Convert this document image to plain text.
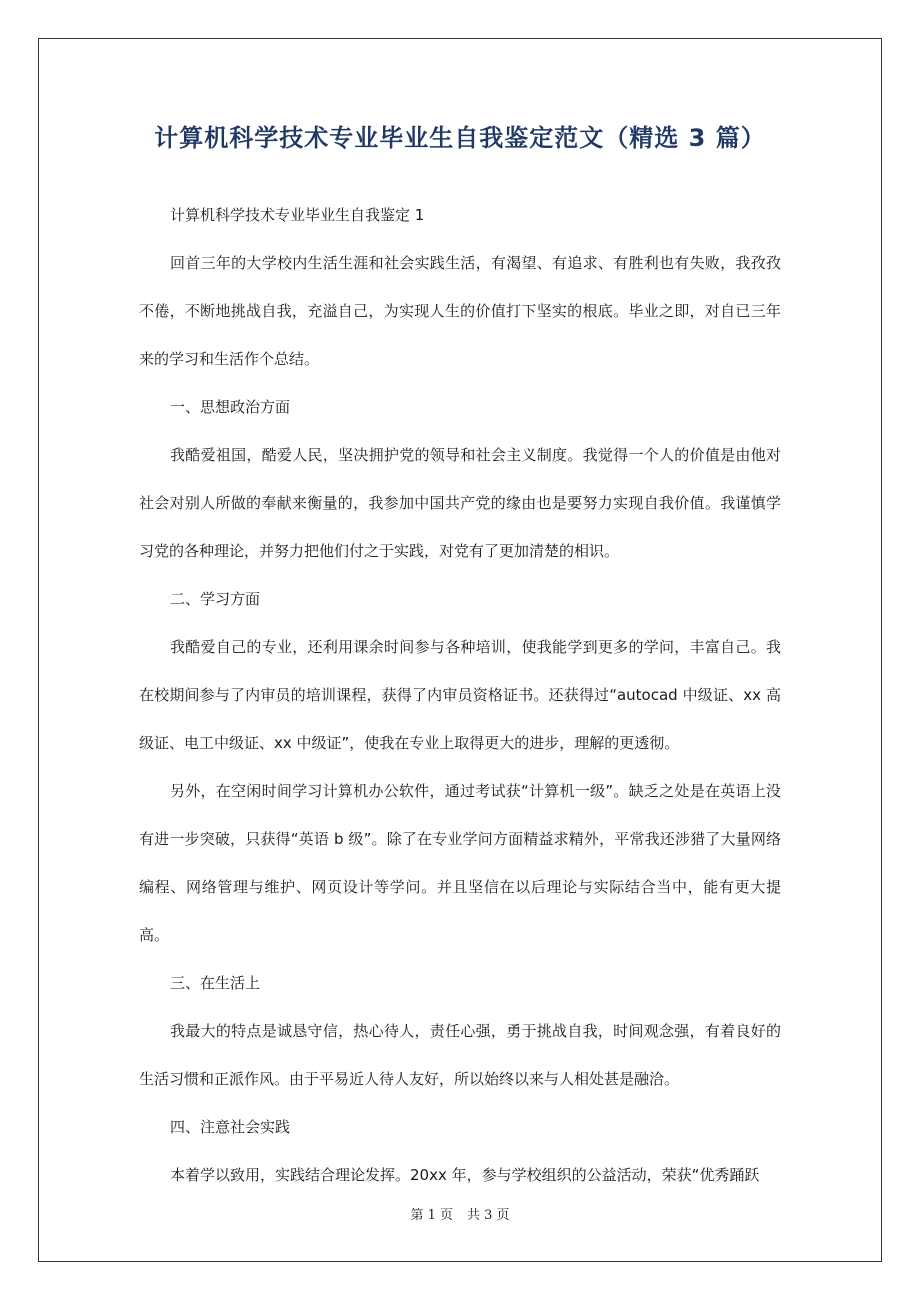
计算机科学技术专业毕业生自我鉴定范文（精选 3 篇）

计算机科学技术专业毕业生自我鉴定 1

回首三年的大学校内生活生涯和社会实践生活，有渴望、有追求、有胜利也有失败，我孜孜不倦，不断地挑战自我，充溢自己，为实现人生的价值打下坚实的根底。毕业之即，对自已三年来的学习和生活作个总结。

一、思想政治方面

我酷爱祖国，酷爱人民，坚决拥护党的领导和社会主义制度。我觉得一个人的价值是由他对社会对别人所做的奉献来衡量的，我参加中国共产党的缘由也是要努力实现自我价值。我谨慎学习党的各种理论，并努力把他们付之于实践，对党有了更加清楚的相识。

二、学习方面

我酷爱自己的专业，还利用课余时间参与各种培训，使我能学到更多的学问，丰富自己。我在校期间参与了内审员的培训课程，获得了内审员资格证书。还获得过“autocad 中级证、xx 高级证、电工中级证、xx 中级证”，使我在专业上取得更大的进步，理解的更透彻。

另外，在空闲时间学习计算机办公软件，通过考试获“计算机一级”。缺乏之处是在英语上没有进一步突破，只获得“英语 b 级”。除了在专业学问方面精益求精外，平常我还涉猎了大量网络编程、网络管理与维护、网页设计等学问。并且坚信在以后理论与实际结合当中，能有更大提高。

三、在生活上

我最大的特点是诚恳守信，热心待人，责任心强，勇于挑战自我，时间观念强，有着良好的生活习惯和正派作风。由于平易近人待人友好，所以始终以来与人相处甚是融洽。

四、注意社会实践

本着学以致用，实践结合理论发挥。20xx 年，参与学校组织的公益活动，荣获“优秀踊跃

第 1 页 共 3 页
